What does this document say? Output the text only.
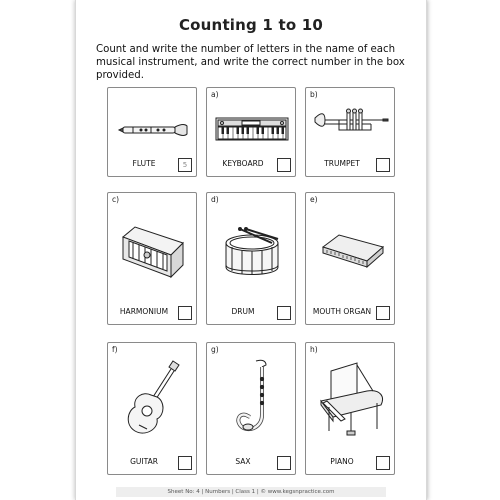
Counting 1 to 10
Count and write the number of letters in the name of each musical instrument, and write the correct number in the box provided.
FLUTE	5
a)
KEYBOARD
b)
TRUMPET
c)
HARMONIUM
d)
DRUM
e)
MOUTH ORGAN
f)
GUITAR
g)
SAX
h)
PIANO
Sheet No: 4 | Numbers | Class 1 | © www.kegsnpractice.com
